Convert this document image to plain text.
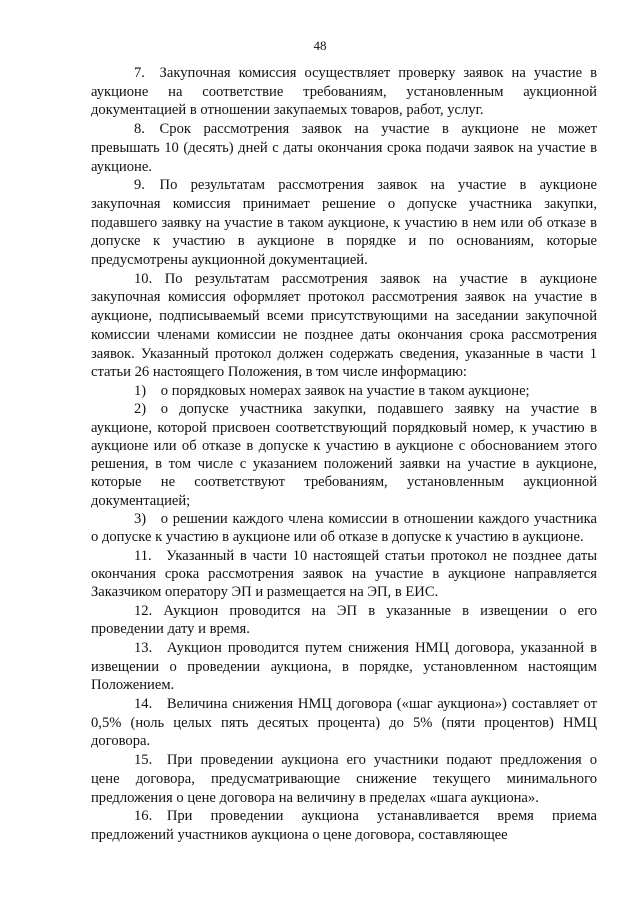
48

7. Закупочная комиссия осуществляет проверку заявок на участие в аукционе на соответствие требованиям, установленным аукционной документацией в отношении закупаемых товаров, работ, услуг.

8. Срок рассмотрения заявок на участие в аукционе не может превышать 10 (десять) дней с даты окончания срока подачи заявок на участие в аукционе.

9. По результатам рассмотрения заявок на участие в аукционе закупочная комиссия принимает решение о допуске участника закупки, подавшего заявку на участие в таком аукционе, к участию в нем или об отказе в допуске к участию в аукционе в порядке и по основаниям, которые предусмотрены аукционной документацией.

10. По результатам рассмотрения заявок на участие в аукционе закупочная комиссия оформляет протокол рассмотрения заявок на участие в аукционе, подписываемый всеми присутствующими на заседании закупочной комиссии членами комиссии не позднее даты окончания срока рассмотрения заявок. Указанный протокол должен содержать сведения, указанные в части 1 статьи 26 настоящего Положения, в том числе информацию:

1) о порядковых номерах заявок на участие в таком аукционе;

2) о допуске участника закупки, подавшего заявку на участие в аукционе, которой присвоен соответствующий порядковый номер, к участию в аукционе или об отказе в допуске к участию в аукционе с обоснованием этого решения, в том числе с указанием положений заявки на участие в аукционе, которые не соответствуют требованиям, установленным аукционной документацией;

3) о решении каждого члена комиссии в отношении каждого участника о допуске к участию в аукционе или об отказе в допуске к участию в аукционе.

11. Указанный в части 10 настоящей статьи протокол не позднее даты окончания срока рассмотрения заявок на участие в аукционе направляется Заказчиком оператору ЭП и размещается на ЭП, в ЕИС.

12. Аукцион проводится на ЭП в указанные в извещении о его проведении дату и время.

13. Аукцион проводится путем снижения НМЦ договора, указанной в извещении о проведении аукциона, в порядке, установленном настоящим Положением.

14. Величина снижения НМЦ договора («шаг аукциона») составляет от 0,5% (ноль целых пять десятых процента) до 5% (пяти процентов) НМЦ договора.

15. При проведении аукциона его участники подают предложения о цене договора, предусматривающие снижение текущего минимального предложения о цене договора на величину в пределах «шага аукциона».

16. При проведении аукциона устанавливается время приема предложений участников аукциона о цене договора, составляющее
